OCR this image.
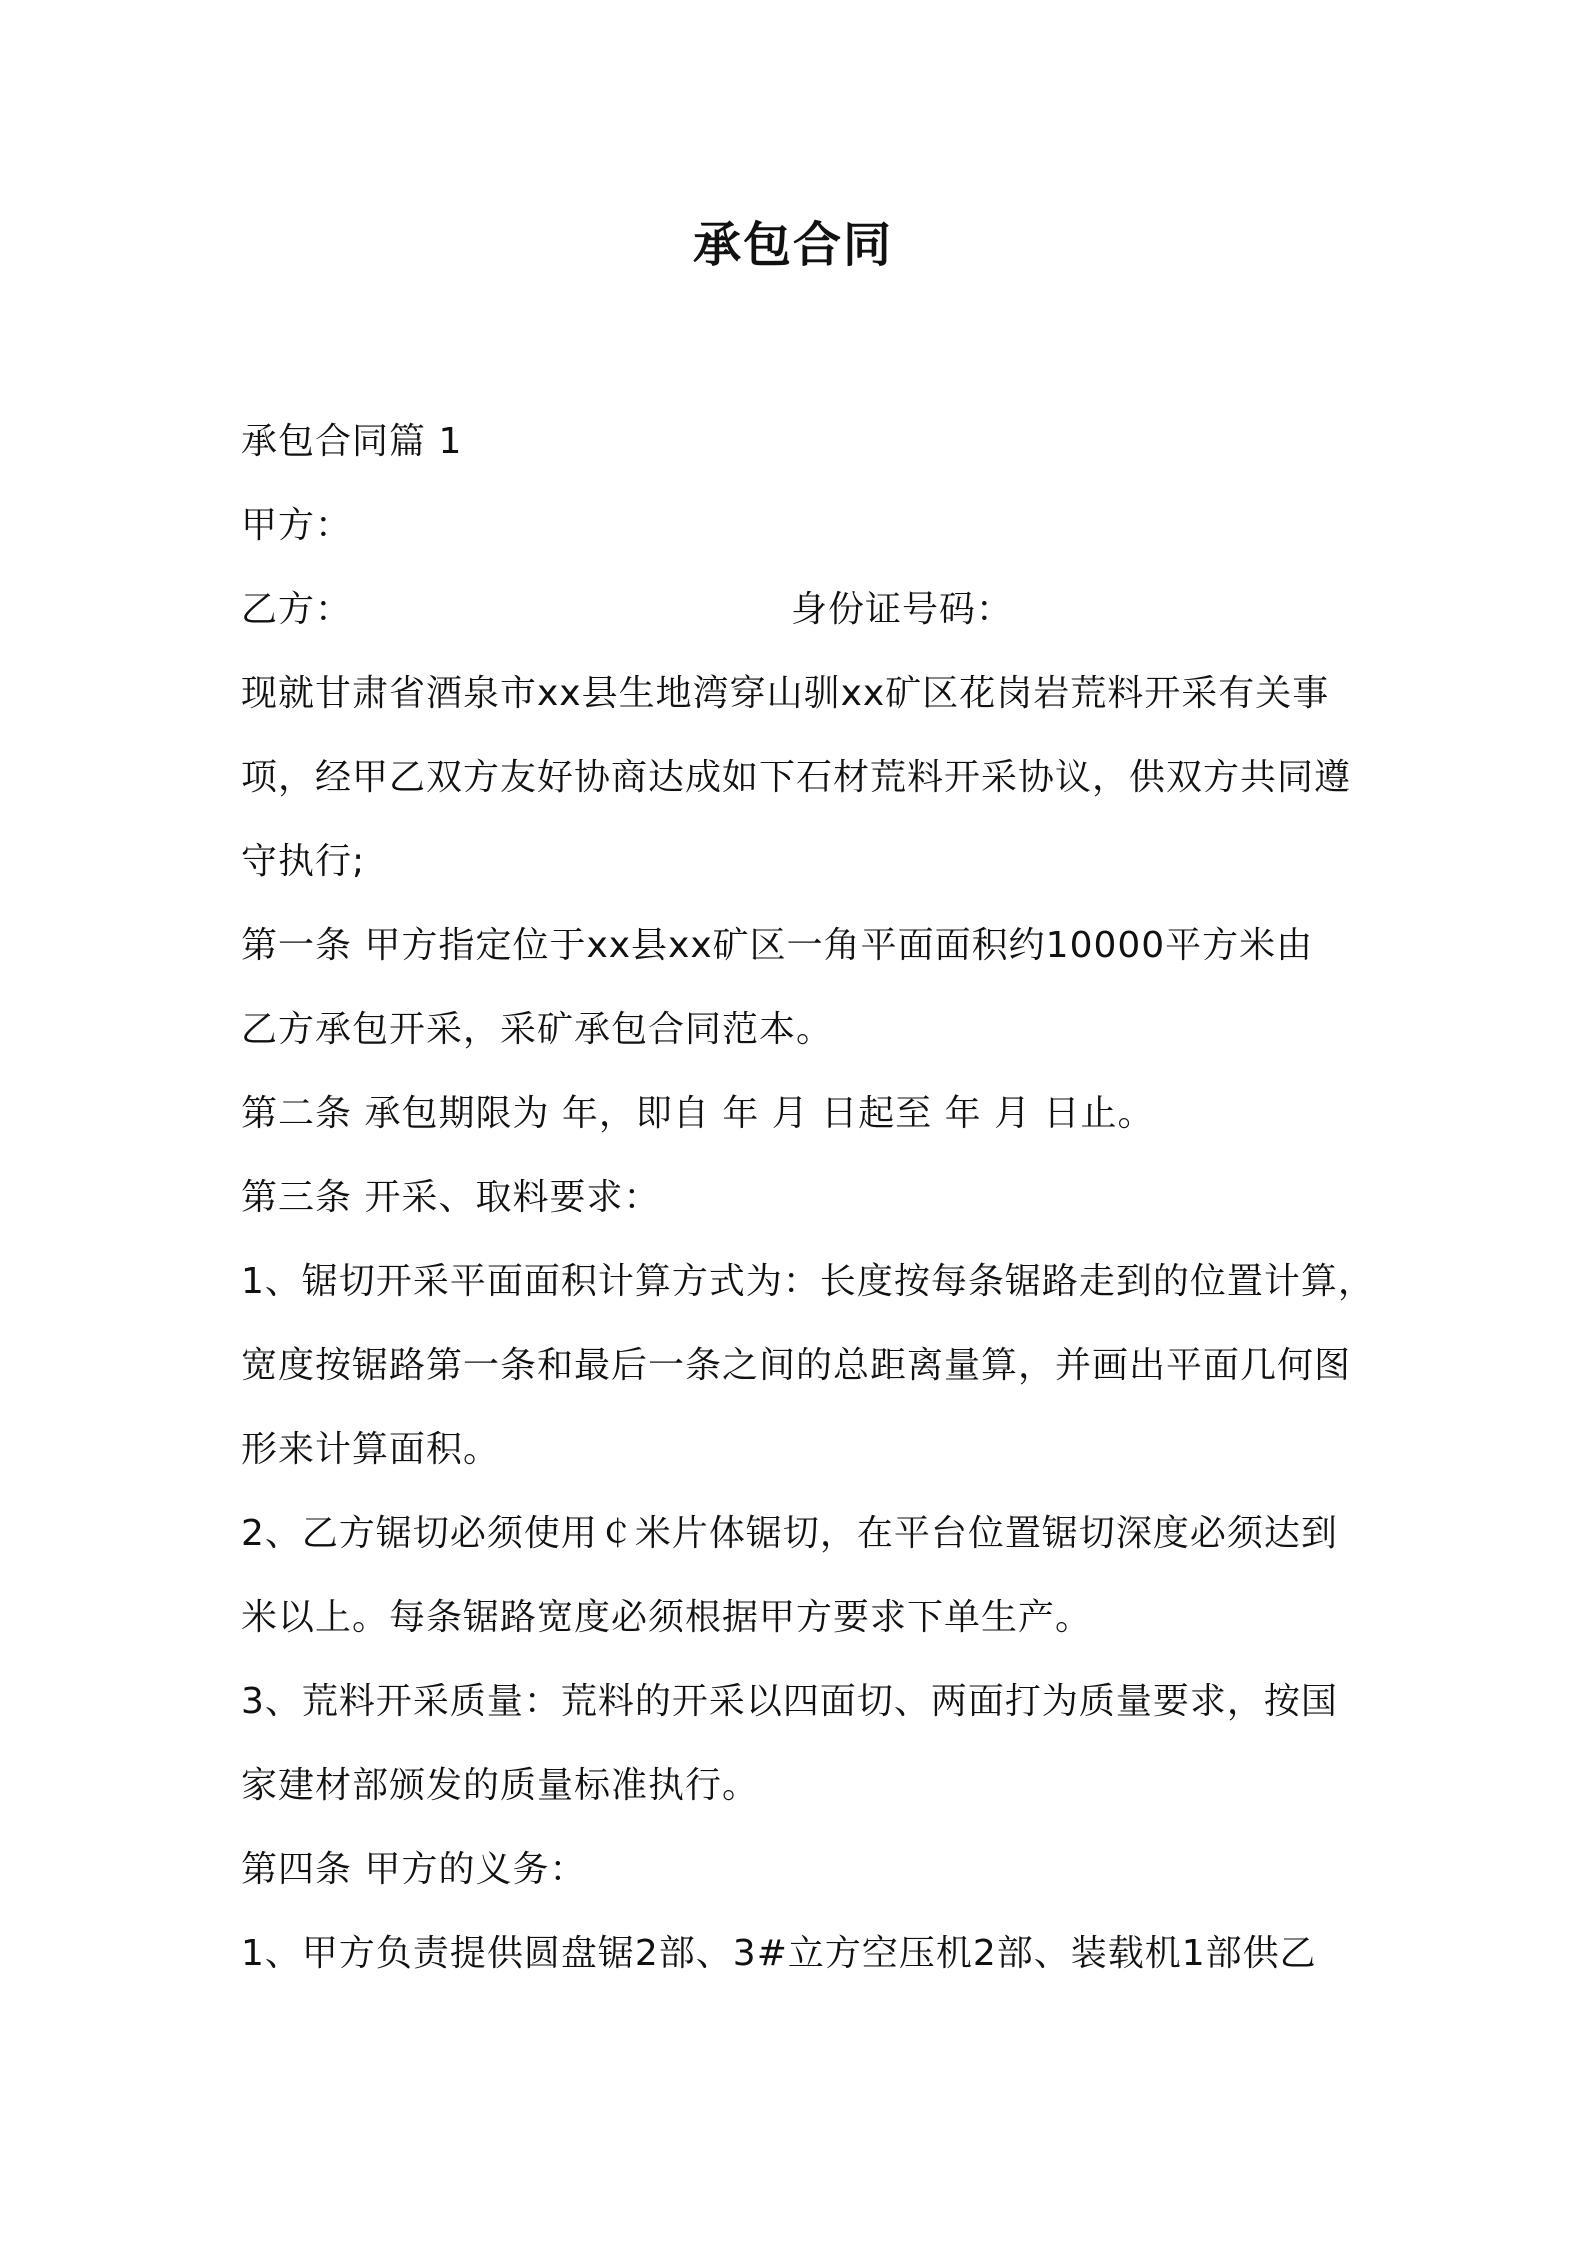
承包合同
承包合同篇 1
甲方：
乙方：	身份证号码：
现就甘肃省酒泉市xx县生地湾穿山驯xx矿区花岗岩荒料开采有关事
项，经甲乙双方友好协商达成如下石材荒料开采协议，供双方共同遵
守执行;
第一条 甲方指定位于xx县xx矿区一角平面面积约10000平方米由
乙方承包开采，采矿承包合同范本。
第二条 承包期限为 年，即自 年 月 日起至 年 月 日止。
第三条 开采、取料要求：
1、锯切开采平面面积计算方式为：长度按每条锯路走到的位置计算，
宽度按锯路第一条和最后一条之间的总距离量算，并画出平面几何图
形来计算面积。
2、乙方锯切必须使用￠米片体锯切，在平台位置锯切深度必须达到
米以上。每条锯路宽度必须根据甲方要求下单生产。
3、荒料开采质量：荒料的开采以四面切、两面打为质量要求，按国
家建材部颁发的质量标准执行。
第四条 甲方的义务：
1、甲方负责提供圆盘锯2部、3#立方空压机2部、装载机1部供乙
